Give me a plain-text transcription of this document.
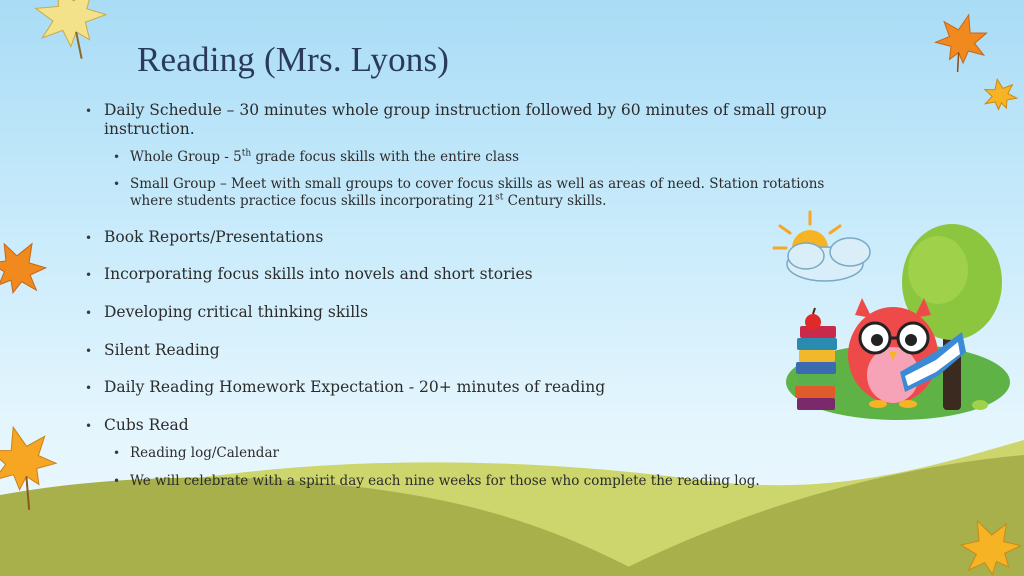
Reading (Mrs. Lyons)
• Daily Schedule – 30 minutes whole group instruction followed by 60 minutes of small group
instruction.
• Whole Group - 5th grade focus skills with the entire class
• Small Group – Meet with small groups to cover focus skills as well as areas of need. Station rotations
where students practice focus skills incorporating 21st Century skills.
• Book Reports/Presentations
• Incorporating focus skills into novels and short stories
• Developing critical thinking skills
• Silent Reading
• Daily Reading Homework Expectation - 20+ minutes of reading
• Cubs Read
• Reading log/Calendar
• We will celebrate with a spirit day each nine weeks for those who complete the reading log.
